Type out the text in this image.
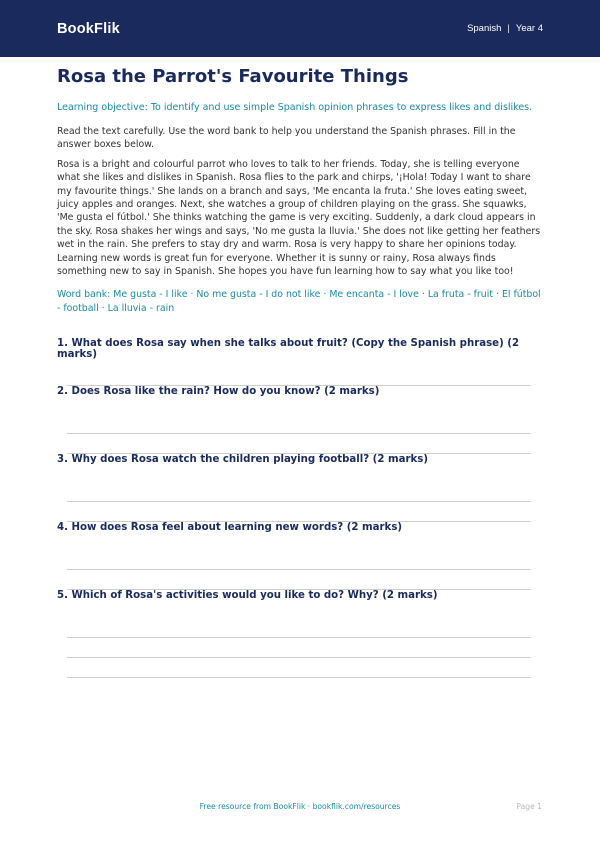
BookFlik	Spanish | Year 4
Rosa the Parrot's Favourite Things

Learning objective: To identify and use simple Spanish opinion phrases to express likes and dislikes.

Read the text carefully. Use the word bank to help you understand the Spanish phrases. Fill in the answer boxes below.

Rosa is a bright and colourful parrot who loves to talk to her friends. Today, she is telling everyone what she likes and dislikes in Spanish. Rosa flies to the park and chirps, '¡Hola! Today I want to share my favourite things.' She lands on a branch and says, 'Me encanta la fruta.' She loves eating sweet, juicy apples and oranges. Next, she watches a group of children playing on the grass. She squawks, 'Me gusta el fútbol.' She thinks watching the game is very exciting. Suddenly, a dark cloud appears in the sky. Rosa shakes her wings and says, 'No me gusta la lluvia.' She does not like getting her feathers wet in the rain. She prefers to stay dry and warm. Rosa is very happy to share her opinions today. Learning new words is great fun for everyone. Whether it is sunny or rainy, Rosa always finds something new to say in Spanish. She hopes you have fun learning how to say what you like too!

Word bank: Me gusta - I like · No me gusta - I do not like · Me encanta - I love · La fruta - fruit · El fútbol - football · La lluvia - rain

1. What does Rosa say when she talks about fruit? (Copy the Spanish phrase) (2 marks)
2. Does Rosa like the rain? How do you know? (2 marks)
3. Why does Rosa watch the children playing football? (2 marks)
4. How does Rosa feel about learning new words? (2 marks)
5. Which of Rosa's activities would you like to do? Why? (2 marks)
Free resource from BookFlik · bookflik.com/resources	Page 1
